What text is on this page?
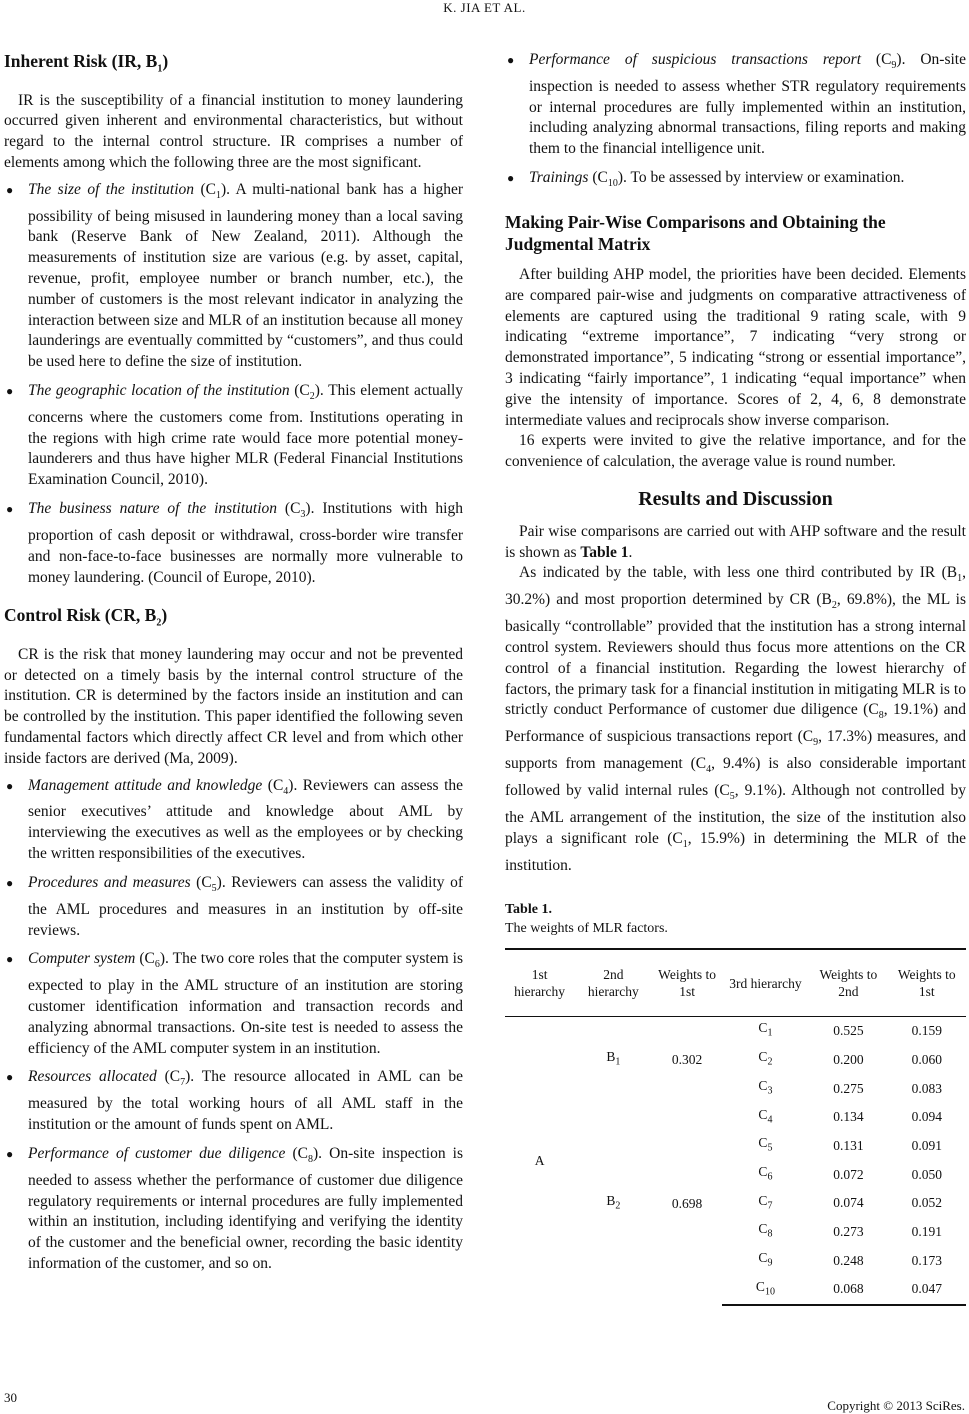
K. JIA ET AL.
Inherent Risk (IR, $B_1$)

IR is the susceptibility of a financial institution to money laundering occurred given inherent and environmental characteristics, but without regard to the internal control structure. IR comprises a number of elements among which the following three are the most significant.

● The size of the institution $(C_1)$. A multi-national bank has a higher possibility of being misused in laundering money than a local saving bank (Reserve Bank of New Zealand, 2011). Although the measurements of institution size are various (e.g. by asset, capital, revenue, profit, employee number or branch number, etc.), the number of customers is the most relevant indicator in analyzing the interaction between size and MLR of an institution because all money launderings are eventually committed by “customers”, and thus could be used here to define the size of institution.
● The geographic location of the institution $(C_2)$. This element actually concerns where the customers come from. Institutions operating in the regions with high crime rate would face more potential money-launderers and thus have higher MLR (Federal Financial Institutions Examination Council, 2010).
● The business nature of the institution $(C_3)$. Institutions with high proportion of cash deposit or withdrawal, cross-border wire transfer and non-face-to-face businesses are normally more vulnerable to money laundering. (Council of Europe, 2010).
Control Risk (CR, $B_2$)

CR is the risk that money laundering may occur and not be prevented or detected on a timely basis by the internal control structure of the institution. CR is determined by the factors inside an institution and can be controlled by the institution. This paper identified the following seven fundamental factors which directly affect CR level and from which other inside factors are derived (Ma, 2009).

● Management attitude and knowledge $(C_4)$. Reviewers can assess the senior executives’ attitude and knowledge about AML by interviewing the executives as well as the employees or by checking the written responsibilities of the executives.
● Procedures and measures $(C_5)$. Reviewers can assess the validity of the AML procedures and measures in an institution by off-site reviews.
● Computer system $(C_6)$. The two core roles that the computer system is expected to play in the AML structure of an institution are storing customer identification information and transaction records and analyzing abnormal transactions. On-site test is needed to assess the efficiency of the AML computer system in an institution.
● Resources allocated $(C_7)$. The resource allocated in AML can be measured by the total working hours of all AML staff in the institution or the amount of funds spent on AML.
● Performance of customer due diligence $(C_8)$. On-site inspection is needed to assess whether the performance of customer due diligence regulatory requirements or internal procedures are fully implemented within an institution, including identifying and verifying the identity of the customer and the beneficial owner, recording the basic identity information of the customer, and so on.
● Performance of suspicious transactions report $(C_9)$. On-site inspection is needed to assess whether STR regulatory requirements or internal procedures are fully implemented within an institution, including analyzing abnormal transactions, filing reports and making them to the financial intelligence unit.
● Trainings $(C_{10})$. To be assessed by interview or examination.
Making Pair-Wise Comparisons and Obtaining the Judgmental Matrix

After building AHP model, the priorities have been decided. Elements are compared pair-wise and judgments on comparative attractiveness of elements are captured using the traditional 9 rating scale, with 9 indicating “extreme importance”, 7 indicating “very strong or demonstrated importance”, 5 indicating “strong or essential importance”, 3 indicating “fairly importance”, 1 indicating “equal importance” when give the intensity of importance. Scores of 2, 4, 6, 8 demonstrate intermediate values and reciprocals show inverse comparison.

16 experts were invited to give the relative importance, and for the convenience of calculation, the average value is round number.

Results and Discussion

Pair wise comparisons are carried out with AHP software and the result is shown as Table 1.

As indicated by the table, with less one third contributed by IR ($B_1$, 30.2%) and most proportion determined by CR ($B_2$, 69.8%), the ML is basically “controllable” provided that the institution has a strong internal control system. Reviewers should thus focus more attentions on the CR control of a financial institution. Regarding the lowest hierarchy of factors, the primary task for a financial institution in mitigating MLR is to strictly conduct Performance of customer due diligence ($C_8$, 19.1%) and Performance of suspicious transactions report ($C_9$, 17.3%) measures, and supports from management ($C_4$, 9.4%) is also considerable important followed by valid internal rules ($C_5$, 9.1%). Although not controlled by the AML arrangement of the institution, the size of the institution also plays a significant role ($C_1$, 15.9%) in determining the MLR of the institution.

Table 1.
The weights of MLR factors.
1st hierarchy	2nd hierarchy	Weights to 1st	3rd hierarchy	Weights to 2nd	Weights to 1st
A	$B_1$	0.302	$C_1$	0.525	0.159
			$C_2$	0.200	0.060
			$C_3$	0.275	0.083
	$B_2$	0.698	$C_4$	0.134	0.094
			$C_5$	0.131	0.091
			$C_6$	0.072	0.050
			$C_7$	0.074	0.052
			$C_8$	0.273	0.191
			$C_9$	0.248	0.173
			$C_{10}$	0.068	0.047
30
Copyright © 2013 SciRes.
